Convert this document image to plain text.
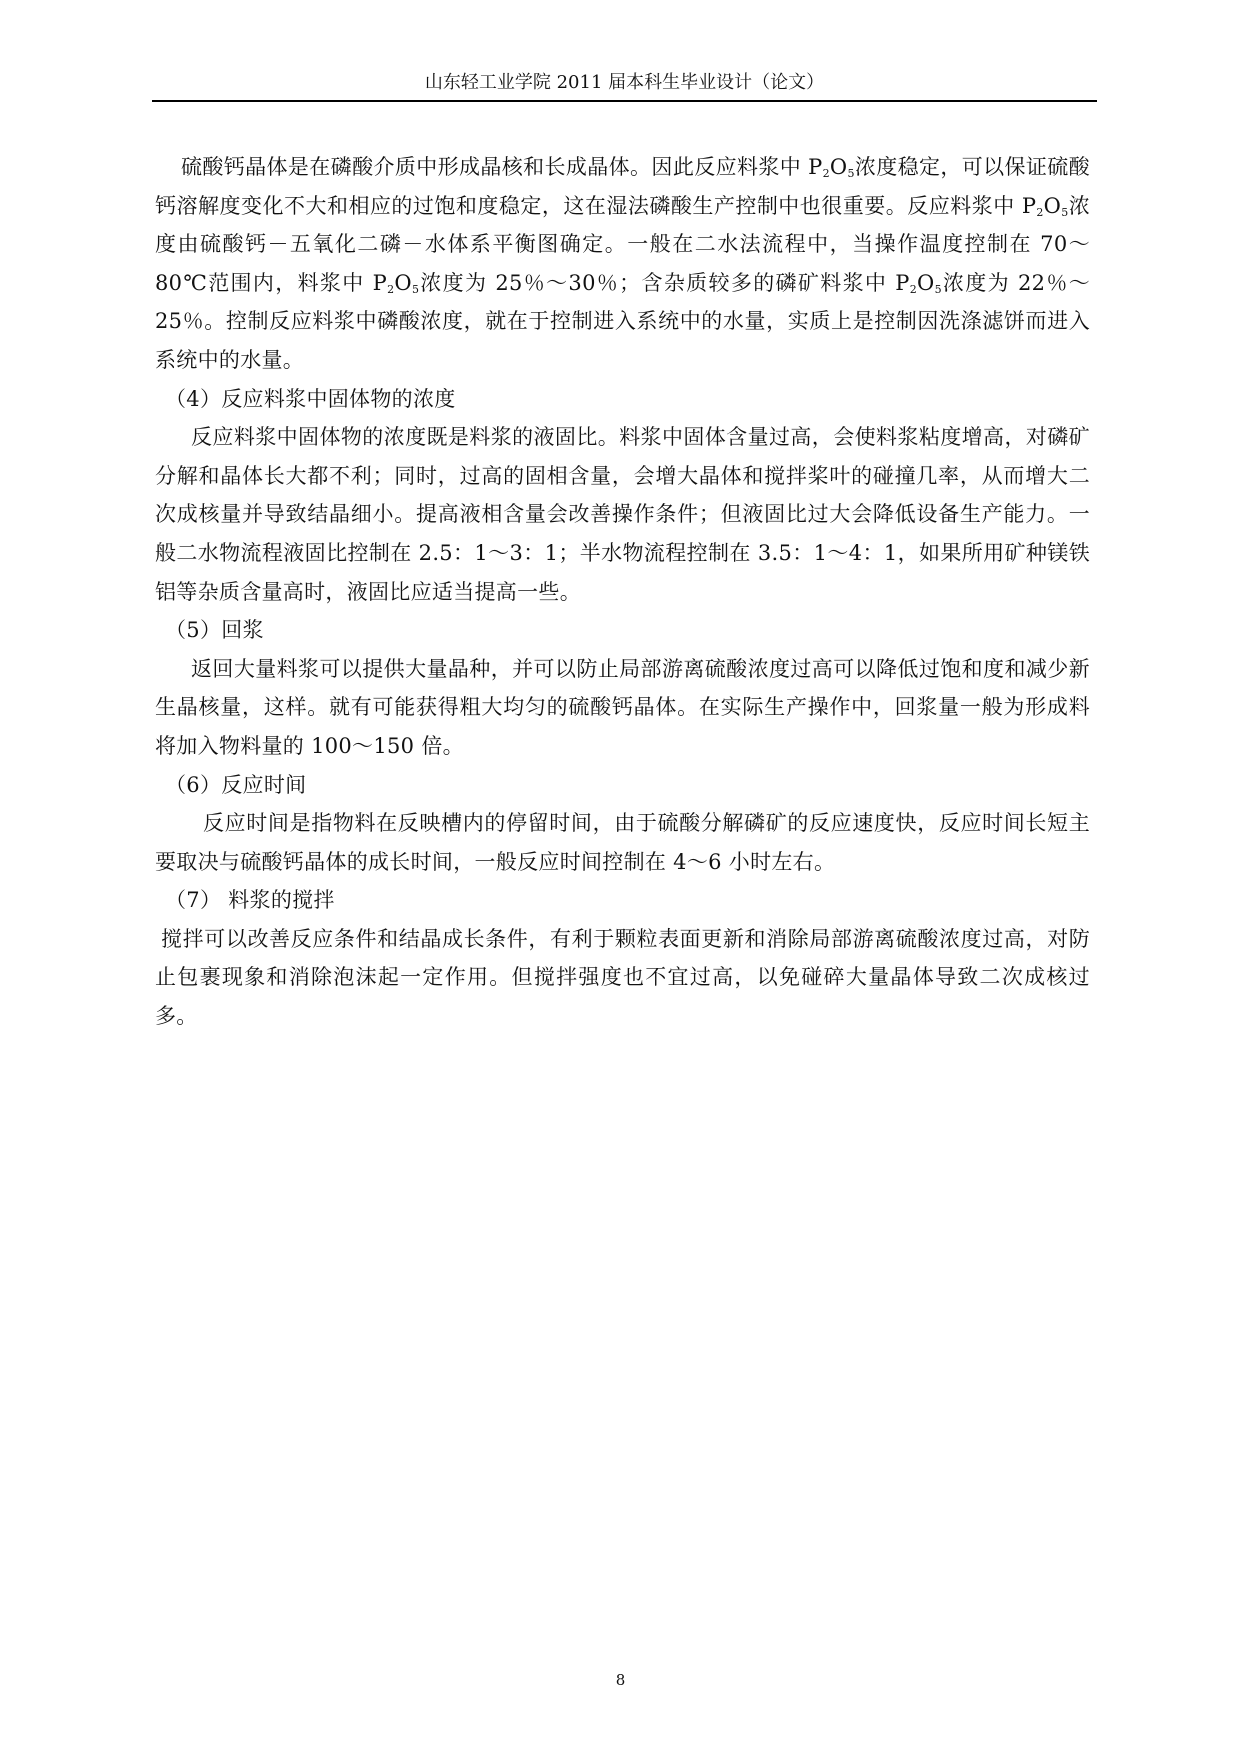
山东轻工业学院 2011 届本科生毕业设计（论文）

硫酸钙晶体是在磷酸介质中形成晶核和长成晶体。因此反应料浆中 $P_2O_5$浓度稳定，可以保证硫酸钙溶解度变化不大和相应的过饱和度稳定，这在湿法磷酸生产控制中也很重要。反应料浆中 $P_2O_5$浓度由硫酸钙－五氧化二磷－水体系平衡图确定。一般在二水法流程中，当操作温度控制在 70～80℃范围内，料浆中 $P_2O_5$浓度为 25％～30％；含杂质较多的磷矿料浆中 $P_2O_5$浓度为 22％～25％。控制反应料浆中磷酸浓度，就在于控制进入系统中的水量，实质上是控制因洗涤滤饼而进入系统中的水量。

（4）反应料浆中固体物的浓度

反应料浆中固体物的浓度既是料浆的液固比。料浆中固体含量过高，会使料浆粘度增高，对磷矿分解和晶体长大都不利；同时，过高的固相含量，会增大晶体和搅拌桨叶的碰撞几率，从而增大二次成核量并导致结晶细小。提高液相含量会改善操作条件；但液固比过大会降低设备生产能力。一般二水物流程液固比控制在 2.5：1～3：1；半水物流程控制在 3.5：1～4：1，如果所用矿种镁铁铝等杂质含量高时，液固比应适当提高一些。

（5）回浆

返回大量料浆可以提供大量晶种，并可以防止局部游离硫酸浓度过高可以降低过饱和度和减少新生晶核量，这样。就有可能获得粗大均匀的硫酸钙晶体。在实际生产操作中，回浆量一般为形成料将加入物料量的 100～150 倍。

（6）反应时间

反应时间是指物料在反映槽内的停留时间，由于硫酸分解磷矿的反应速度快，反应时间长短主要取决与硫酸钙晶体的成长时间，一般反应时间控制在 4～6 小时左右。

（7） 料浆的搅拌

搅拌可以改善反应条件和结晶成长条件，有利于颗粒表面更新和消除局部游离硫酸浓度过高，对防止包裹现象和消除泡沫起一定作用。但搅拌强度也不宜过高，以免碰碎大量晶体导致二次成核过多。

8
